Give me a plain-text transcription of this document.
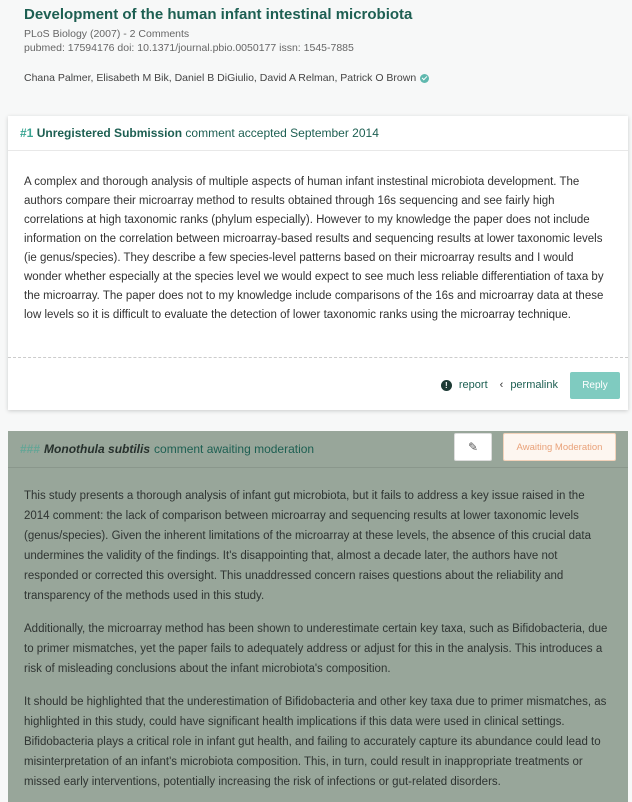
Development of the human infant intestinal microbiota
PLoS Biology (2007) - 2 Comments
pubmed: 17594176 doi: 10.1371/journal.pbio.0050177 issn: 1545-7885
Chana Palmer, Elisabeth M Bik, Daniel B DiGiulio, David A Relman, Patrick O Brown
#1 Unregistered Submission comment accepted September 2014
A complex and thorough analysis of multiple aspects of human infant instestinal microbiota development. The authors compare their microarray method to results obtained through 16s sequencing and see fairly high correlations at high taxonomic ranks (phylum especially). However to my knowledge the paper does not include information on the correlation between microarray-based results and sequencing results at lower taxonomic levels (ie genus/species). They describe a few species-level patterns based on their microarray results and I would wonder whether especially at the species level we would expect to see much less reliable differentiation of taxa by the microarray. The paper does not to my knowledge include comparisons of the 16s and microarray data at these low levels so it is difficult to evaluate the detection of lower taxonomic ranks using the microarray technique.
!	report ‹ permalink	Reply
### Monothula subtilis comment awaiting moderation	✎	Awaiting Moderation

This study presents a thorough analysis of infant gut microbiota, but it fails to address a key issue raised in the 2014 comment: the lack of comparison between microarray and sequencing results at lower taxonomic levels (genus/species). Given the inherent limitations of the microarray at these levels, the absence of this crucial data undermines the validity of the findings. It's disappointing that, almost a decade later, the authors have not responded or corrected this oversight. This unaddressed concern raises questions about the reliability and transparency of the methods used in this study.

Additionally, the microarray method has been shown to underestimate certain key taxa, such as Bifidobacteria, due to primer mismatches, yet the paper fails to adequately address or adjust for this in the analysis. This introduces a risk of misleading conclusions about the infant microbiota's composition.

It should be highlighted that the underestimation of Bifidobacteria and other key taxa due to primer mismatches, as highlighted in this study, could have significant health implications if this data were used in clinical settings. Bifidobacteria plays a critical role in infant gut health, and failing to accurately capture its abundance could lead to misinterpretation of an infant's microbiota composition. This, in turn, could result in inappropriate treatments or missed early interventions, potentially increasing the risk of infections or gut-related disorders.
